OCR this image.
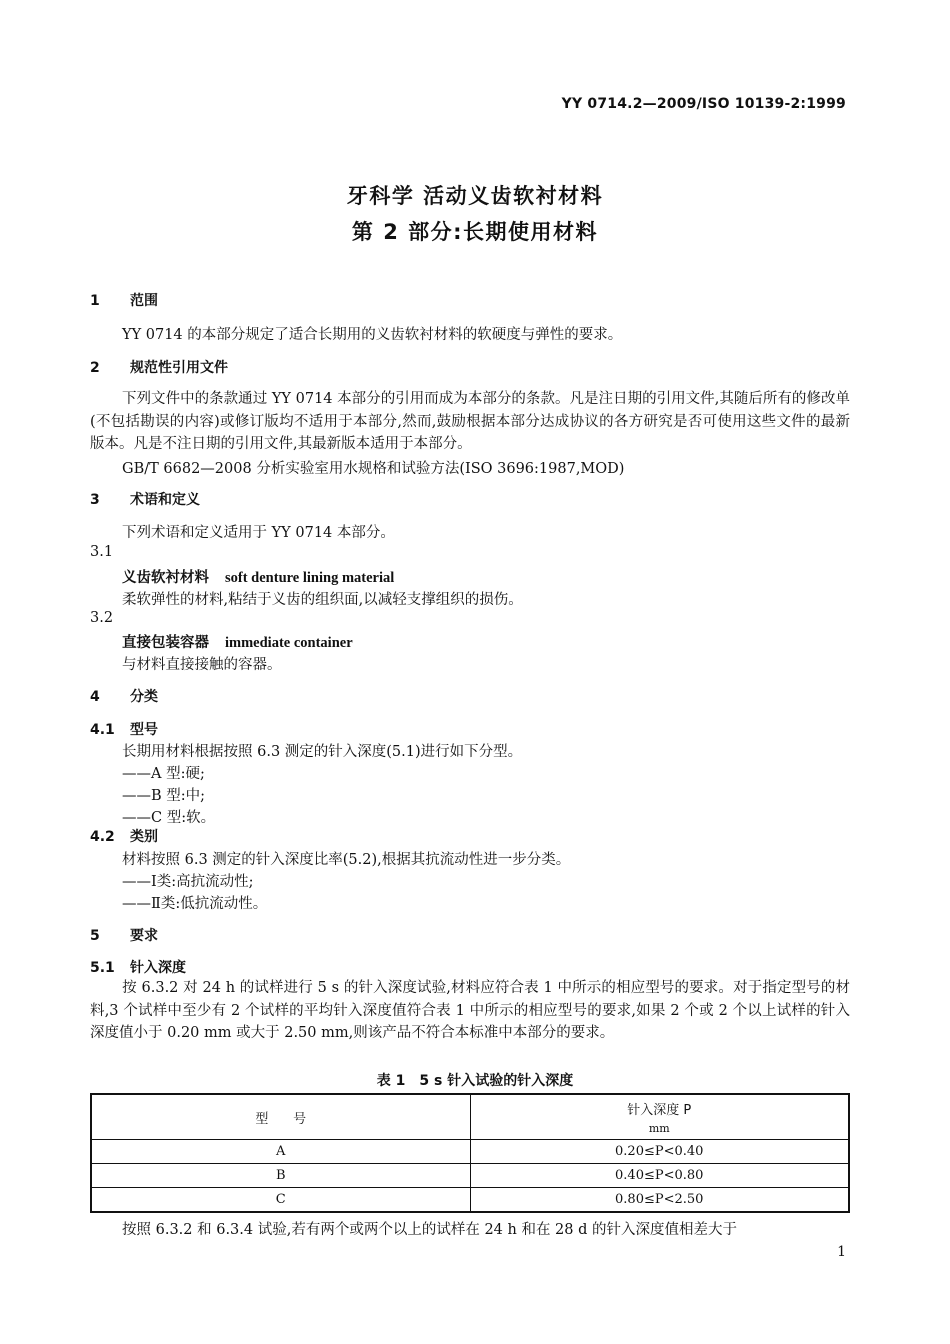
YY 0714.2—2009/ISO 10139-2:1999
牙科学 活动义齿软衬材料
第 2 部分:长期使用材料
1 范围
YY 0714 的本部分规定了适合长期用的义齿软衬材料的软硬度与弹性的要求。
2 规范性引用文件
下列文件中的条款通过 YY 0714 本部分的引用而成为本部分的条款。凡是注日期的引用文件,其随后所有的修改单(不包括勘误的内容)或修订版均不适用于本部分,然而,鼓励根据本部分达成协议的各方研究是否可使用这些文件的最新版本。凡是不注日期的引用文件,其最新版本适用于本部分。
GB/T 6682—2008 分析实验室用水规格和试验方法(ISO 3696:1987,MOD)
3 术语和定义
下列术语和定义适用于 YY 0714 本部分。
3.1
义齿软衬材料 soft denture lining material
柔软弹性的材料,粘结于义齿的组织面,以减轻支撑组织的损伤。
3.2
直接包装容器 immediate container
与材料直接接触的容器。
4 分类
4.1 型号
长期用材料根据按照 6.3 测定的针入深度(5.1)进行如下分型。
——A 型:硬;
——B 型:中;
——C 型:软。
4.2 类别
材料按照 6.3 测定的针入深度比率(5.2),根据其抗流动性进一步分类。
——Ⅰ类:高抗流动性;
——Ⅱ类:低抗流动性。
5 要求
5.1 针入深度
按 6.3.2 对 24 h 的试样进行 5 s 的针入深度试验,材料应符合表 1 中所示的相应型号的要求。对于指定型号的材料,3 个试样中至少有 2 个试样的平均针入深度值符合表 1 中所示的相应型号的要求,如果 2 个或 2 个以上试样的针入深度值小于 0.20 mm 或大于 2.50 mm,则该产品不符合本标准中本部分的要求。
表 1 5 s 针入试验的针入深度
型      号	针入深度 P
mm

A	0.20≤P<0.40
B	0.40≤P<0.80
C	0.80≤P<2.50
按照 6.3.2 和 6.3.4 试验,若有两个或两个以上的试样在 24 h 和在 28 d 的针入深度值相差大于
1
